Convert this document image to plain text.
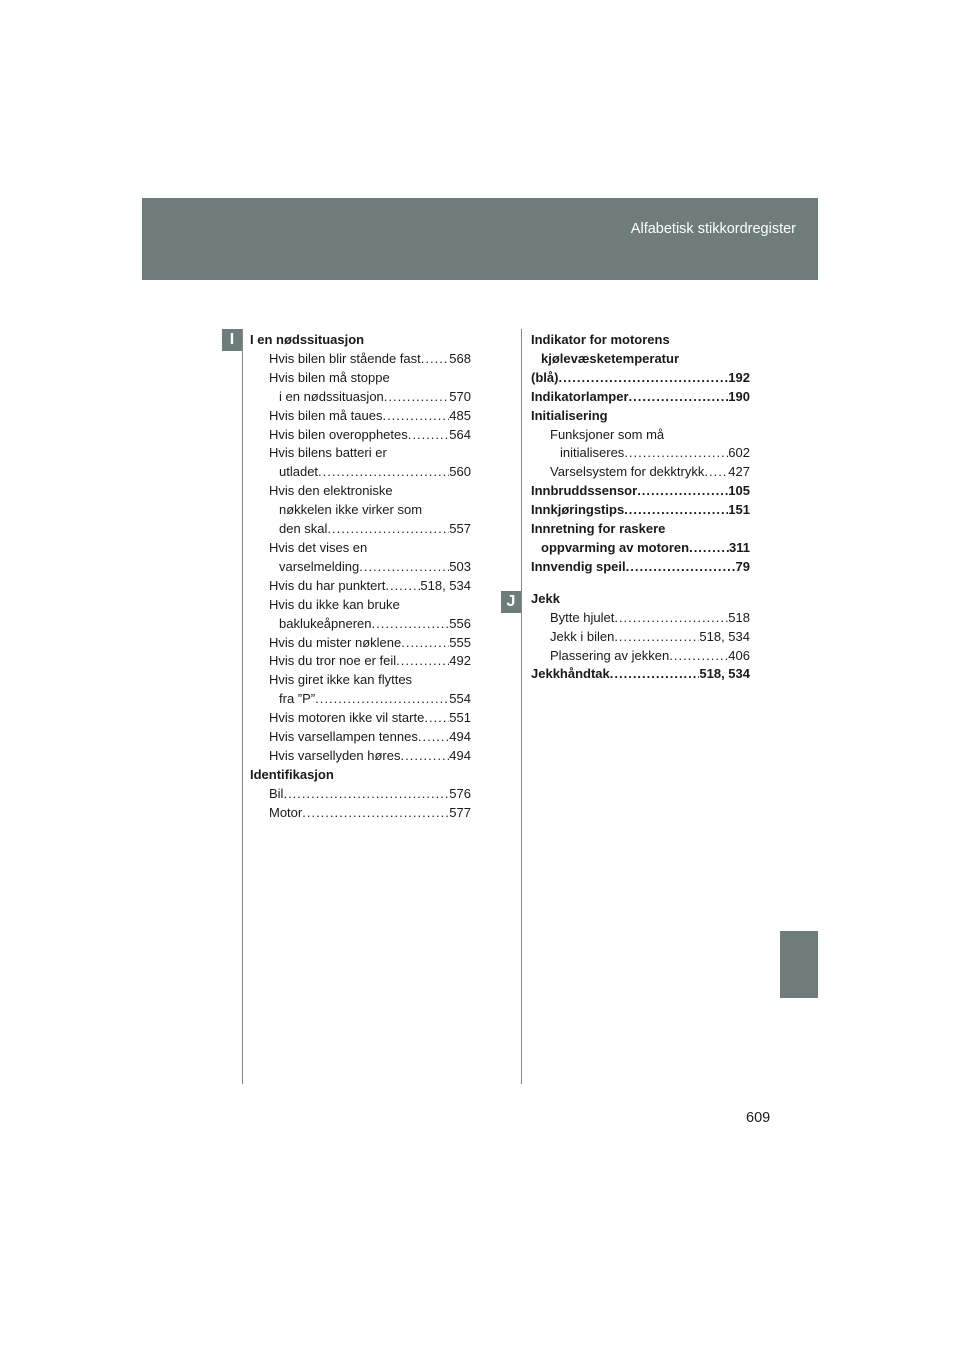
Alfabetisk stikkordregister
I
J
I en nødssituasjon
Hvis bilen blir stående fast ..... 568
Hvis bilen må stoppe
i en nødssituasjon .....	570
Hvis bilen må taues .....	485
Hvis bilen overopphetes .....	564
Hvis bilens batteri er
utladet .....	560
Hvis den elektroniske
nøkkelen ikke virker som
den skal .....	557
Hvis det vises en
varselmelding .....	503
Hvis du har punktert .....	518, 534
Hvis du ikke kan bruke
baklukeåpneren .....	556
Hvis du mister nøklene .....	555
Hvis du tror noe er feil .....	492
Hvis giret ikke kan flyttes
fra ”P” .....	554
Hvis motoren ikke vil starte ..... 551
Hvis varsellampen tennes ..... 494
Hvis varsellyden høres .....	494
Identifikasjon
Bil .....	576
Motor .....	577
Indikator for motorens
kjølevæsketemperatur
(blå) .....	192
Indikatorlamper .....	190
Initialisering
Funksjoner som må
initialiseres .....	602
Varselsystem for dekktrykk ..... 427
Innbruddssensor .....	105
Innkjøringstips .....	151
Innretning for raskere
oppvarming av motoren .....	311
Innvendig speil .....	79
Jekk
Bytte hjulet .....	518
Jekk i bilen .....	518, 534
Plassering av jekken .....	406
Jekkhåndtak .....	518, 534
609
